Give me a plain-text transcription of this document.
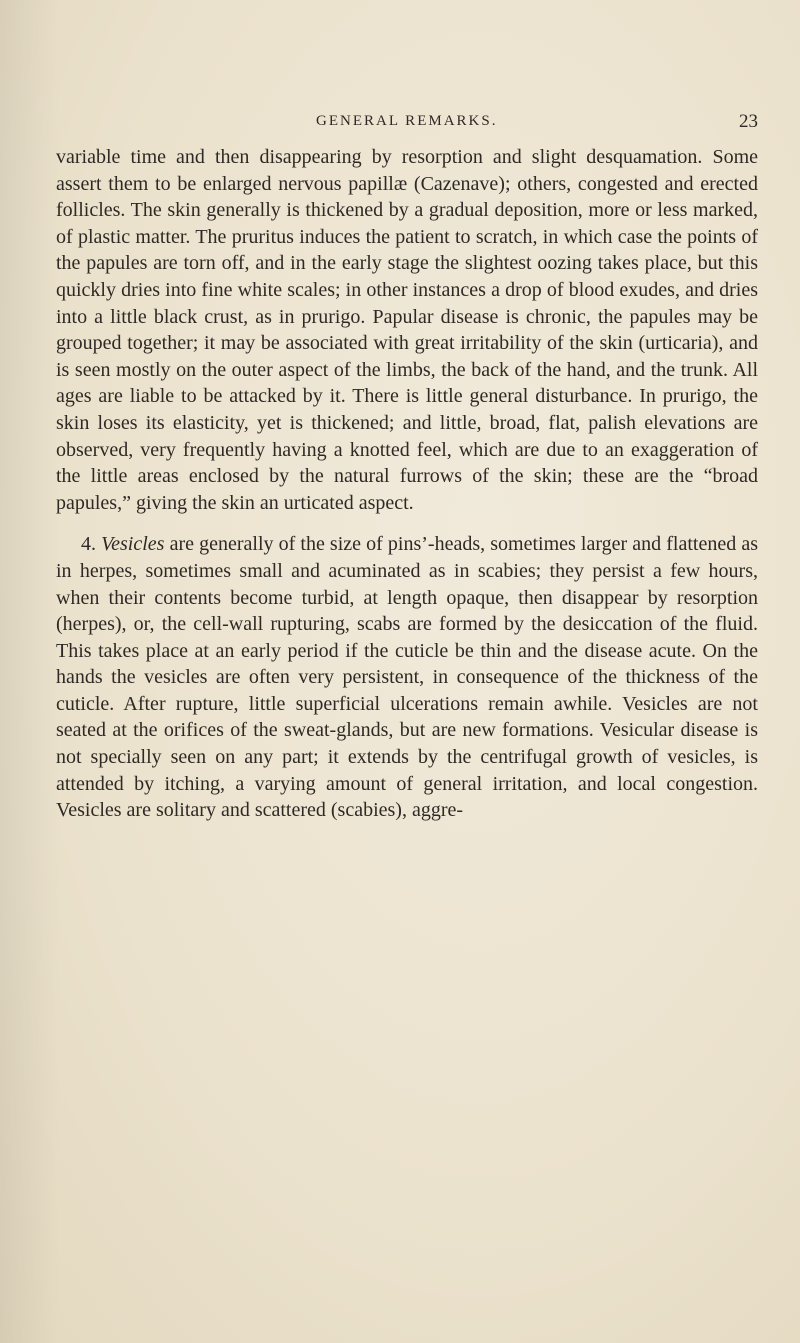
GENERAL REMARKS.	23

variable time and then disappearing by resorption and slight desquamation. Some assert them to be enlarged nervous papillæ (Cazenave); others, congested and erected follicles. The skin generally is thickened by a gradual deposition, more or less marked, of plastic matter. The pruritus induces the patient to scratch, in which case the points of the papules are torn off, and in the early stage the slightest oozing takes place, but this quickly dries into fine white scales; in other instances a drop of blood exudes, and dries into a little black crust, as in prurigo. Papular disease is chronic, the papules may be grouped together; it may be associated with great irritability of the skin (urticaria), and is seen mostly on the outer aspect of the limbs, the back of the hand, and the trunk. All ages are liable to be attacked by it. There is little general disturbance. In prurigo, the skin loses its elasticity, yet is thickened; and little, broad, flat, palish elevations are observed, very frequently having a knotted feel, which are due to an exaggeration of the little areas enclosed by the natural furrows of the skin; these are the “broad papules,” giving the skin an urticated aspect.

4. Vesicles are generally of the size of pins’-heads, sometimes larger and flattened as in herpes, sometimes small and acuminated as in scabies; they persist a few hours, when their contents become turbid, at length opaque, then disappear by resorption (herpes), or, the cell-wall rupturing, scabs are formed by the desiccation of the fluid. This takes place at an early period if the cuticle be thin and the disease acute. On the hands the vesicles are often very persistent, in consequence of the thickness of the cuticle. After rupture, little superficial ulcerations remain awhile. Vesicles are not seated at the orifices of the sweat-glands, but are new formations. Vesicular disease is not specially seen on any part; it extends by the centrifugal growth of vesicles, is attended by itching, a varying amount of general irritation, and local congestion. Vesicles are solitary and scattered (scabies), aggre-
